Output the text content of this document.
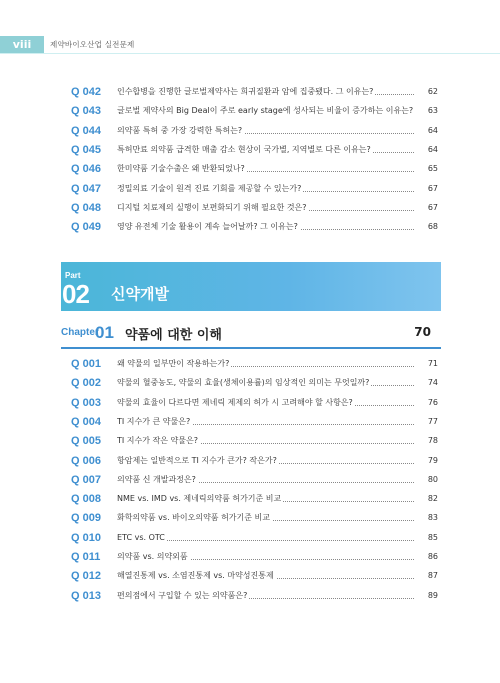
viii	제약바이오산업 실전문제
Q 042	인수합병을 진행한 글로벌제약사는 희귀질환과 암에 집중됐다. 그 이유는?	62
Q 043	글로벌 제약사의 Big Deal이 주로 early stage에 성사되는 비율이 증가하는 이유는?	63
Q 044	의약품 특허 중 가장 강력한 특허는?	64
Q 045	특허만료 의약품 급격한 매출 감소 현상이 국가별, 지역별로 다른 이유는?	64
Q 046	한미약품 기술수출은 왜 반환되었나?	65
Q 047	정밀의료 기술이 원격 진료 기회를 제공할 수 있는가?	67
Q 048	디지털 치료제의 실행이 보편화되기 위해 필요한 것은?	67
Q 049	영양 유전체 기술 활용이 계속 늘어날까? 그 이유는?	68
Part
02 신약개발
Chapter
01 약품에 대한 이해	70
Q 001	왜 약물의 일부만이 작용하는가?	71
Q 002	약물의 혈중농도, 약물의 효율(생체이용률)의 임상적인 의미는 무엇일까?	74
Q 003	약물의 효율이 다르다면 제네릭 제제의 허가 시 고려해야 할 사항은?	76
Q 004	TI 지수가 큰 약물은?	77
Q 005	TI 지수가 작은 약물은?	78
Q 006	항암제는 일반적으로 TI 지수가 큰가? 작은가?	79
Q 007	의약품 신 개발과정은?	80
Q 008	NME vs. IMD vs. 제네릭의약품 허가기준 비교	82
Q 009	화학의약품 vs. 바이오의약품 허가기준 비교	83
Q 010	ETC vs. OTC	85
Q 011	의약품 vs. 의약외품	86
Q 012	해열진통제 vs. 소염진통제 vs. 마약성진통제	87
Q 013	편의점에서 구입할 수 있는 의약품은?	89
